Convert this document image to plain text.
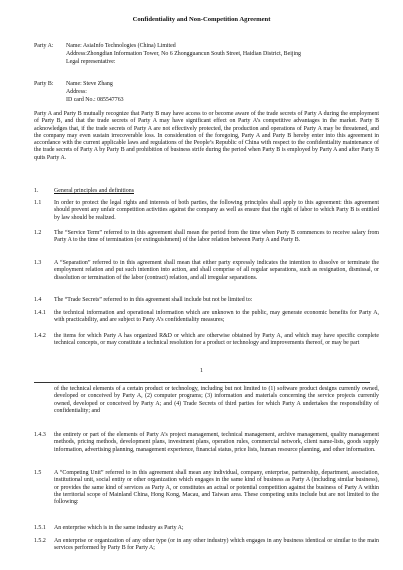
Confidentiality and Non-Competition Agreement
Party A:	Name: AsiaInfo Technologies (China) Limited
Address:Zhongdian Information Tower, No 6 Zhongguancun South Street, Haidian District, Beijing
Legal representative:
Party B:	Name: Steve Zhang
Address:
ID card No.: 085547763
Party A and Party B mutually recognize that Party B may have access to or become aware of the trade secrets of Party A during the employment of Party B, and that the trade secrets of Party A may have significant effect on Party A’s competitive advantages in the market. Party B acknowledges that, if the trade secrets of Party A are not effectively protected, the production and operations of Party A may be threatened, and the company may even sustain irrecoverable loss. In consideration of the foregoing, Party A and Party B hereby enter into this agreement in accordance with the current applicable laws and regulations of the People’s Republic of China with respect to the confidentiality maintenance of the trade secrets of Party A by Party B and prohibition of business strife during the period when Party B is employed by Party A and after Party B quits Party A.
1.	General principles and definitions
1.1	In order to protect the legal rights and interests of both parties, the following principles shall apply to this agreement: this agreement should prevent any unfair competition activities against the company as well as ensure that the right of labor to which Party B is entitled by law should be realized.
1.2	The “Service Term” referred to in this agreement shall mean the period from the time when Party B commences to receive salary from Party A to the time of termination (or extinguishment) of the labor relation between Party A and Party B.
1.3	A “Separation” referred to in this agreement shall mean that either party expressly indicates the intention to dissolve or terminate the employment relation and put such intention into action, and shall comprise of all regular separations, such as resignation, dismissal, or dissolution or termination of the labor (contract) relation, and all irregular separations.
1.4	The “Trade Secrets” referred to in this agreement shall include but not be limited to:
1.4.1	the technical information and operational information which are unknown to the public, may generate economic benefits for Party A, with practicability, and are subject to Party A’s confidentiality measures;
1.4.2	the items for which Party A has organized R&D or which are otherwise obtained by Party A, and which may have specific complete technical concepts, or may constitute a technical resolution for a product or technology and improvements thereof, or may be part
1
of the technical elements of a certain product or technology, including but not limited to (1) software product designs currently owned, developed or conceived by Party A, (2) computer programs; (3) information and materials concerning the service projects currently owned, developed or conceived by Party A; and (4) Trade Secrets of third parties for which Party A undertakes the responsibility of confidentiality; and
1.4.3	the entirety or part of the elements of Party A’s project management, technical management, archive management, quality management methods, pricing methods, development plans, investment plans, operation rules, commercial network, client name-lists, goods supply information, advertising planning, management experience, financial status, price lists, human resource planning, and other information.
1.5	A “Competing Unit” referred to in this agreement shall mean any individual, company, enterprise, partnership, department, association, institutional unit, social entity or other organization which engages in the same kind of business as Party A (including similar business), or provides the same kind of services as Party A, or constitutes an actual or potential competition against the business of Party A within the territorial scope of Mainland China, Hong Kong, Macau, and Taiwan area. These competing units include but are not limited to the following:
1.5.1	An enterprise which is in the same industry as Party A;
1.5.2	An enterprise or organization of any other type (or in any other industry) which engages in any business identical or similar to the main services performed by Party B for Party A;
